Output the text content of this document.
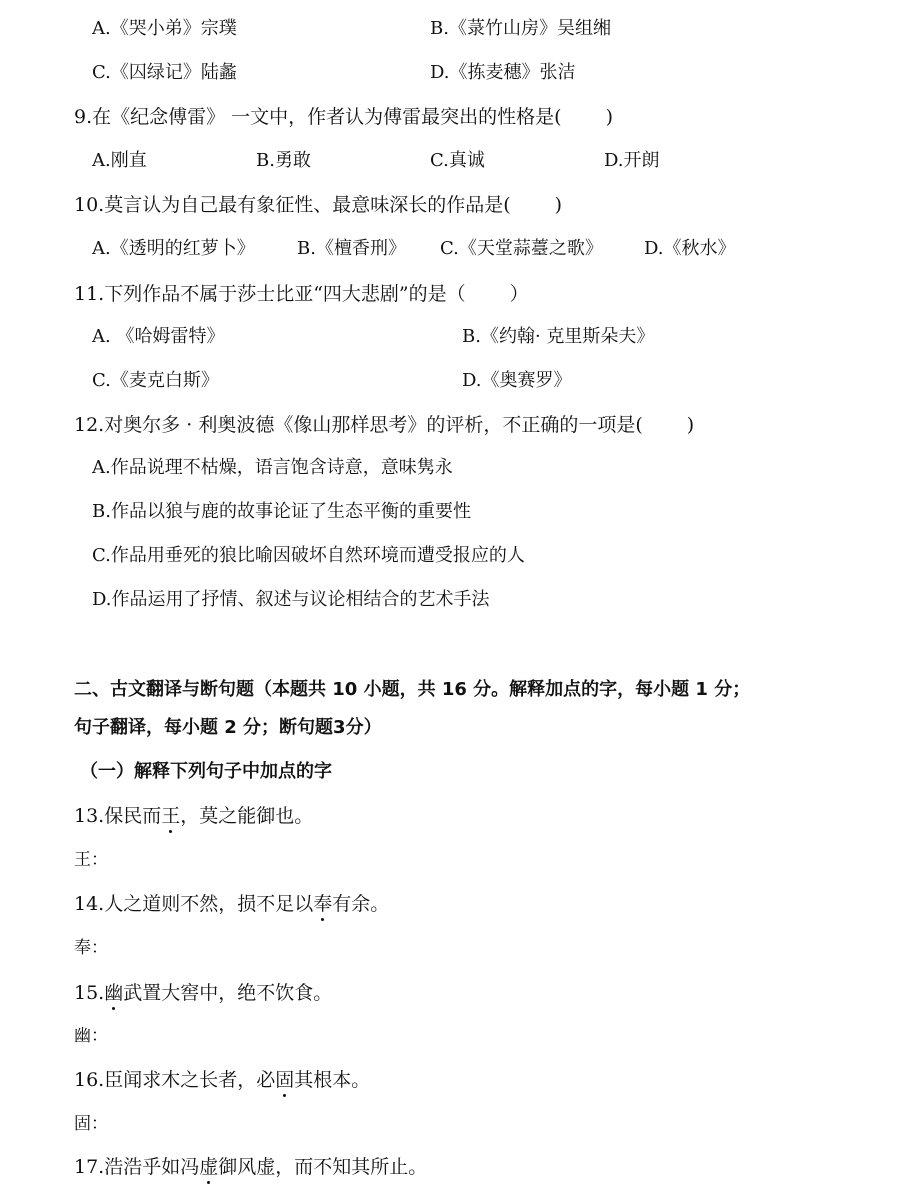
A.《哭小弟》宗璞	B.《菉竹山房》吴组缃
C.《囚绿记》陆蠡	D.《拣麦穗》张洁
9.在《纪念傅雷》 一文中，作者认为傅雷最突出的性格是(　　 )
A.刚直	B.勇敢	C.真诚	D.开朗
10.莫言认为自己最有象征性、最意味深长的作品是(　　 )
A.《透明的红萝卜》 B.《檀香刑》 C.《天堂蒜薹之歌》 D.《秋水》
11.下列作品不属于莎士比亚“四大悲剧”的是（　　 ）
A. 《哈姆雷特》	B.《约翰· 克里斯朵夫》
C.《麦克白斯》	D.《奥赛罗》
12.对奥尔多 · 利奥波德《像山那样思考》的评析，不正确的一项是(　　 )
A.作品说理不枯燥，语言饱含诗意，意味隽永
B.作品以狼与鹿的故事论证了生态平衡的重要性
C.作品用垂死的狼比喻因破坏自然环境而遭受报应的人
D.作品运用了抒情、叙述与议论相结合的艺术手法
二、古文翻译与断句题（本题共 10 小题，共 16 分。解释加点的字，每小题 1 分；
句子翻译，每小题 2 分；断句题3分）
（一）解释下列句子中加点的字
13.保民而王，莫之能御也。
王：
14.人之道则不然，损不足以奉有余。
奉：
15.幽武置大窖中，绝不饮食。
幽：
16.臣闻求木之长者，必固其根本。
固：
17.浩浩乎如冯虚御风虚，而不知其所止。
